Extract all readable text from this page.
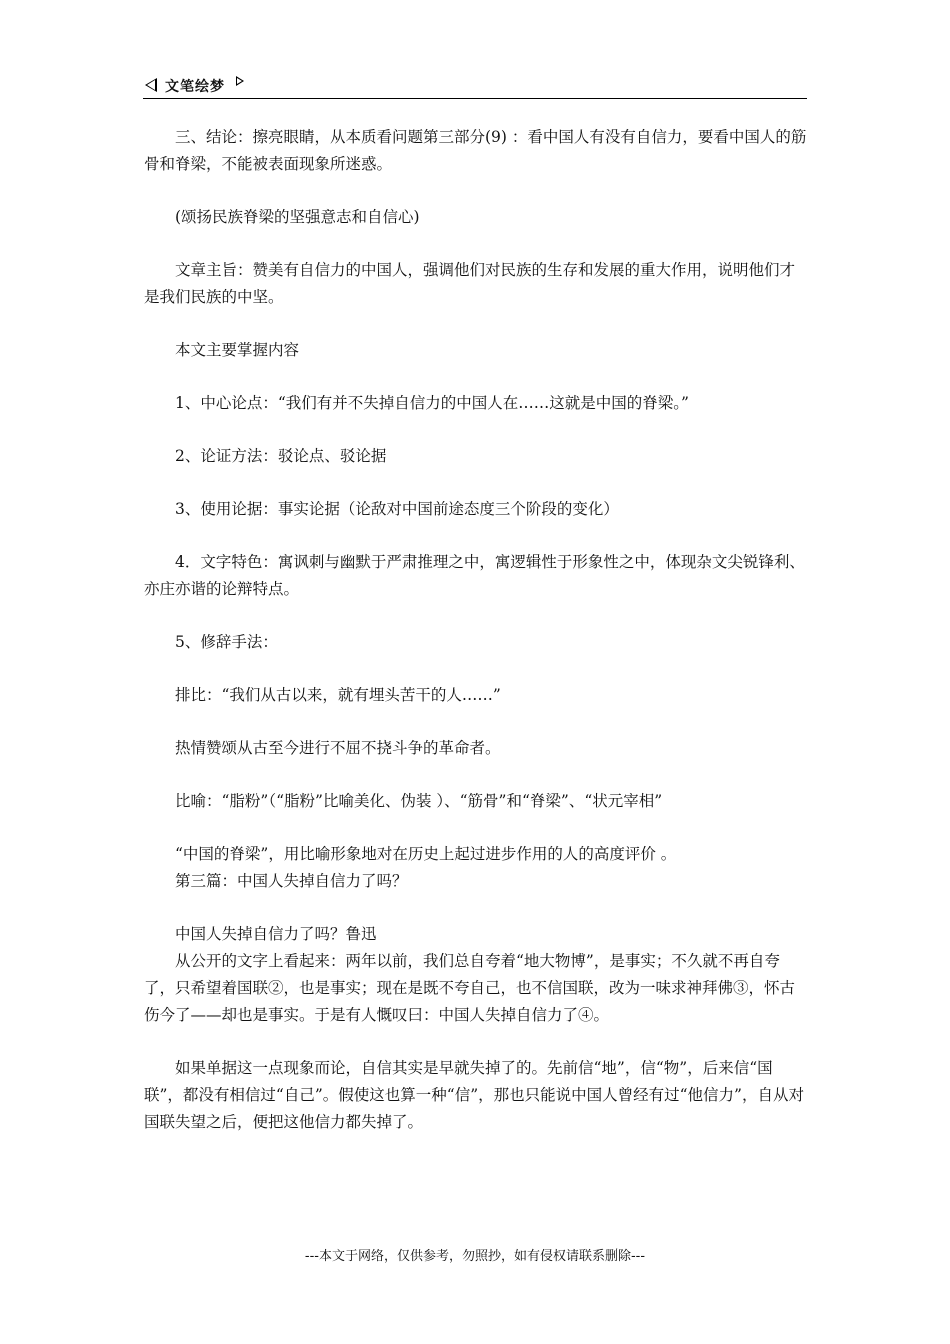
文笔绘梦

三、结论：擦亮眼睛，从本质看问题第三部分(9) ：看中国人有没有自信力，要看中国人的筋骨和脊梁，不能被表面现象所迷惑。

(颂扬民族脊梁的坚强意志和自信心)

文章主旨：赞美有自信力的中国人，强调他们对民族的生存和发展的重大作用，说明他们才是我们民族的中坚。

本文主要掌握内容

1、中心论点：“我们有并不失掉自信力的中国人在……这就是中国的脊梁。”

2、论证方法：驳论点、驳论据

3、使用论据：事实论据（论敌对中国前途态度三个阶段的变化）

4．文字特色：寓讽刺与幽默于严肃推理之中，寓逻辑性于形象性之中，体现杂文尖锐锋利、亦庄亦谐的论辩特点。

5、修辞手法：

排比：“我们从古以来，就有埋头苦干的人……”

热情赞颂从古至今进行不屈不挠斗争的革命者。

比喻：“脂粉”（“脂粉”比喻美化、伪装 ）、“筋骨”和“脊梁”、“状元宰相”

“中国的脊梁”，用比喻形象地对在历史上起过进步作用的人的高度评价 。

第三篇：中国人失掉自信力了吗？

中国人失掉自信力了吗？鲁迅

从公开的文字上看起来：两年以前，我们总自夸着“地大物博”，是事实；不久就不再自夸了，只希望着国联②，也是事实；现在是既不夸自己，也不信国联，改为一味求神拜佛③，怀古伤今了——却也是事实。于是有人慨叹曰：中国人失掉自信力了④。

如果单据这一点现象而论，自信其实是早就失掉了的。先前信“地”，信“物”，后来信“国联”，都没有相信过“自己”。假使这也算一种“信”，那也只能说中国人曾经有过“他信力”，自从对国联失望之后，便把这他信力都失掉了。

---本文于网络，仅供参考，勿照抄，如有侵权请联系删除---
